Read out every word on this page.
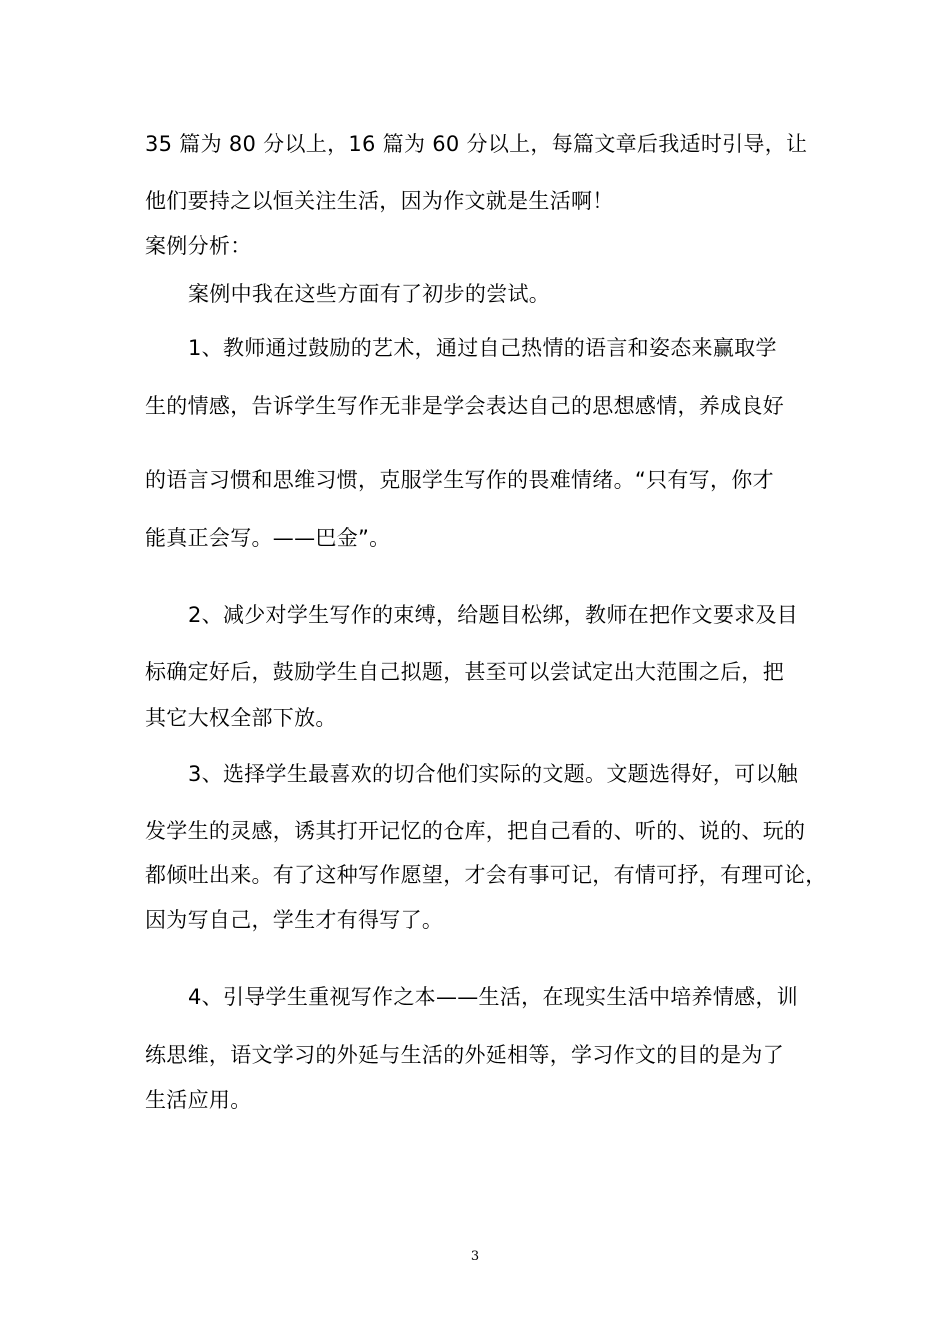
35 篇为 80 分以上，16 篇为 60 分以上，每篇文章后我适时引导，让
他们要持之以恒关注生活，因为作文就是生活啊！
案例分析：
案例中我在这些方面有了初步的尝试。
1、教师通过鼓励的艺术，通过自己热情的语言和姿态来赢取学
生的情感，告诉学生写作无非是学会表达自己的思想感情，养成良好
的语言习惯和思维习惯，克服学生写作的畏难情绪。“只有写，你才
能真正会写。——巴金”。
2、减少对学生写作的束缚，给题目松绑，教师在把作文要求及目
标确定好后，鼓励学生自己拟题，甚至可以尝试定出大范围之后，把
其它大权全部下放。
3、选择学生最喜欢的切合他们实际的文题。文题选得好，可以触
发学生的灵感，诱其打开记忆的仓库，把自己看的、听的、说的、玩的
都倾吐出来。有了这种写作愿望，才会有事可记，有情可抒，有理可论，
因为写自己，学生才有得写了。
4、引导学生重视写作之本——生活，在现实生活中培养情感，训
练思维，语文学习的外延与生活的外延相等，学习作文的目的是为了
生活应用。
3
